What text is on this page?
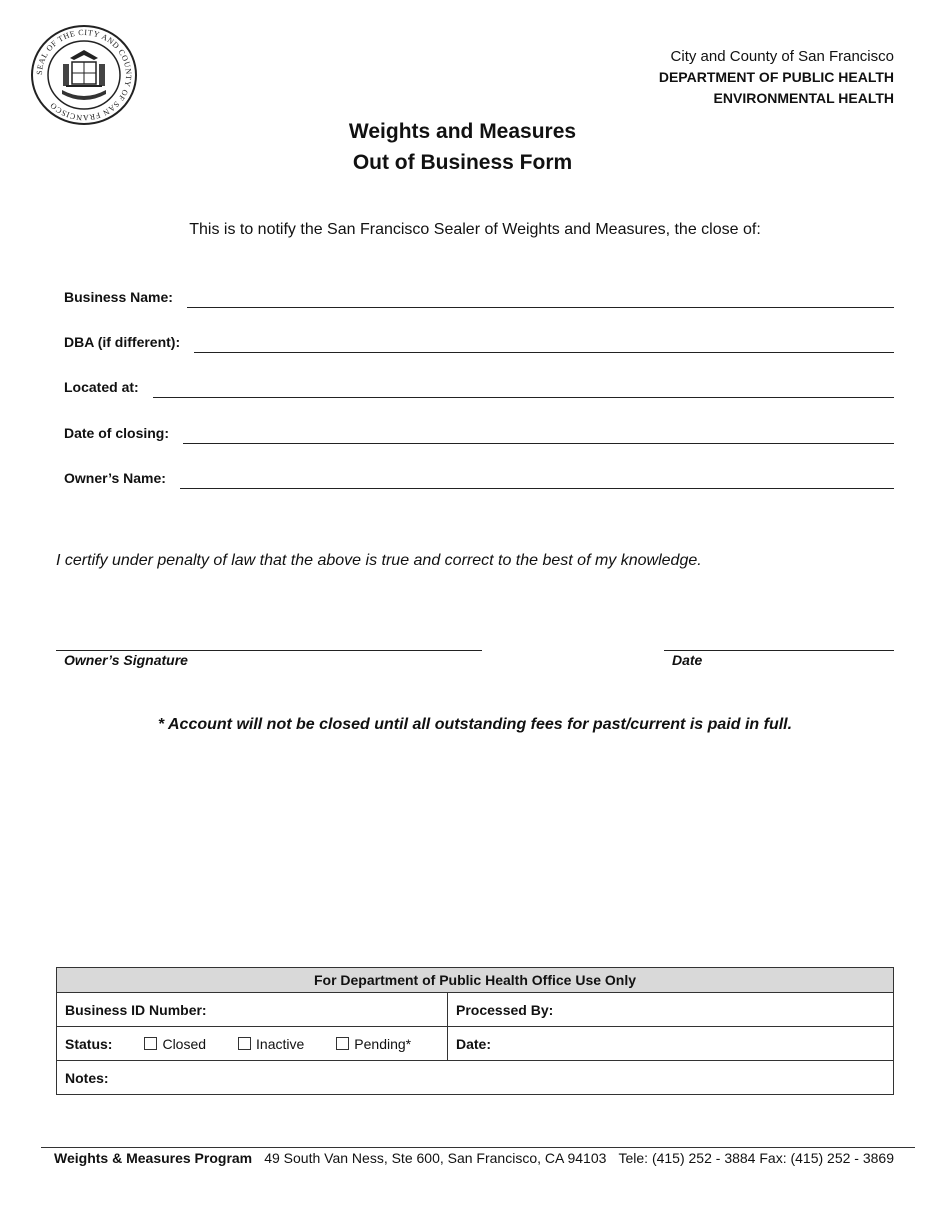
SEAL OF THE CITY AND COUNTY OF SAN FRANCISCO
City and County of San Francisco
DEPARTMENT OF PUBLIC HEALTH
ENVIRONMENTAL HEALTH
Weights and Measures
Out of Business Form
This is to notify the San Francisco Sealer of Weights and Measures, the close of:
Business Name:
DBA (if different):
Located at:
Date of closing:
Owner’s Name:
I certify under penalty of law that the above is true and correct to the best of my knowledge.
Owner’s Signature	Date
* Account will not be closed until all outstanding fees for past/current is paid in full.
For Department of Public Health Office Use Only	
Business ID Number:	Processed By:

Status: Closed Inactive Pending*	Date:
Notes:	
Weights & Measures Program 49 South Van Ness, Ste 600, San Francisco, CA 94103 Tele: (415) 252 - 3884 Fax: (415) 252 - 3869
